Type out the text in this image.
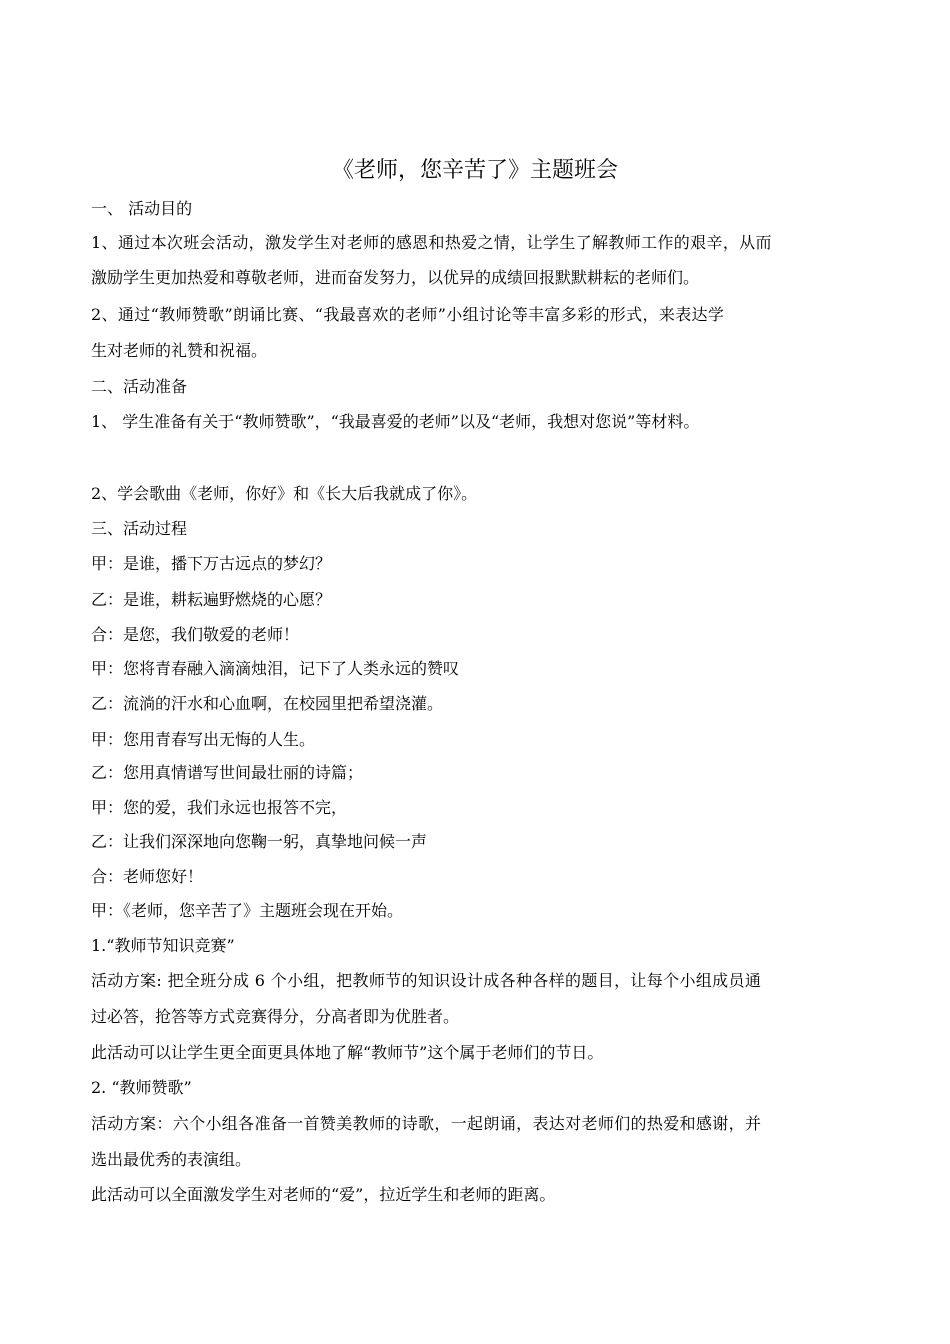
《老师，您辛苦了》主题班会
一、 活动目的
1、通过本次班会活动，激发学生对老师的感恩和热爱之情，让学生了解教师工作的艰辛，从而
激励学生更加热爱和尊敬老师，进而奋发努力，以优异的成绩回报默默耕耘的老师们。
2、通过“教师赞歌”朗诵比赛、“我最喜欢的老师”小组讨论等丰富多彩的形式，来表达学
生对老师的礼赞和祝福。
二、活动准备
1、 学生准备有关于“教师赞歌”，“我最喜爱的老师”以及“老师，我想对您说”等材料。
2、学会歌曲《老师，你好》和《长大后我就成了你》。
三、活动过程
甲：是谁，播下万古远点的梦幻？
乙：是谁，耕耘遍野燃烧的心愿？
合：是您，我们敬爱的老师！
甲：您将青春融入滴滴烛泪，记下了人类永远的赞叹
乙：流淌的汗水和心血啊，在校园里把希望浇灌。
甲：您用青春写出无悔的人生。
乙：您用真情谱写世间最壮丽的诗篇；
甲：您的爱，我们永远也报答不完，
乙：让我们深深地向您鞠一躬，真挚地问候一声
合：老师您好！
甲：《老师，您辛苦了》主题班会现在开始。
1.“教师节知识竞赛”
活动方案: 把全班分成 6 个小组，把教师节的知识设计成各种各样的题目，让每个小组成员通
过必答，抢答等方式竞赛得分，分高者即为优胜者。
此活动可以让学生更全面更具体地了解“教师节”这个属于老师们的节日。
2. “教师赞歌”
活动方案：六个小组各准备一首赞美教师的诗歌，一起朗诵，表达对老师们的热爱和感谢，并
选出最优秀的表演组。
此活动可以全面激发学生对老师的“爱”，拉近学生和老师的距离。
